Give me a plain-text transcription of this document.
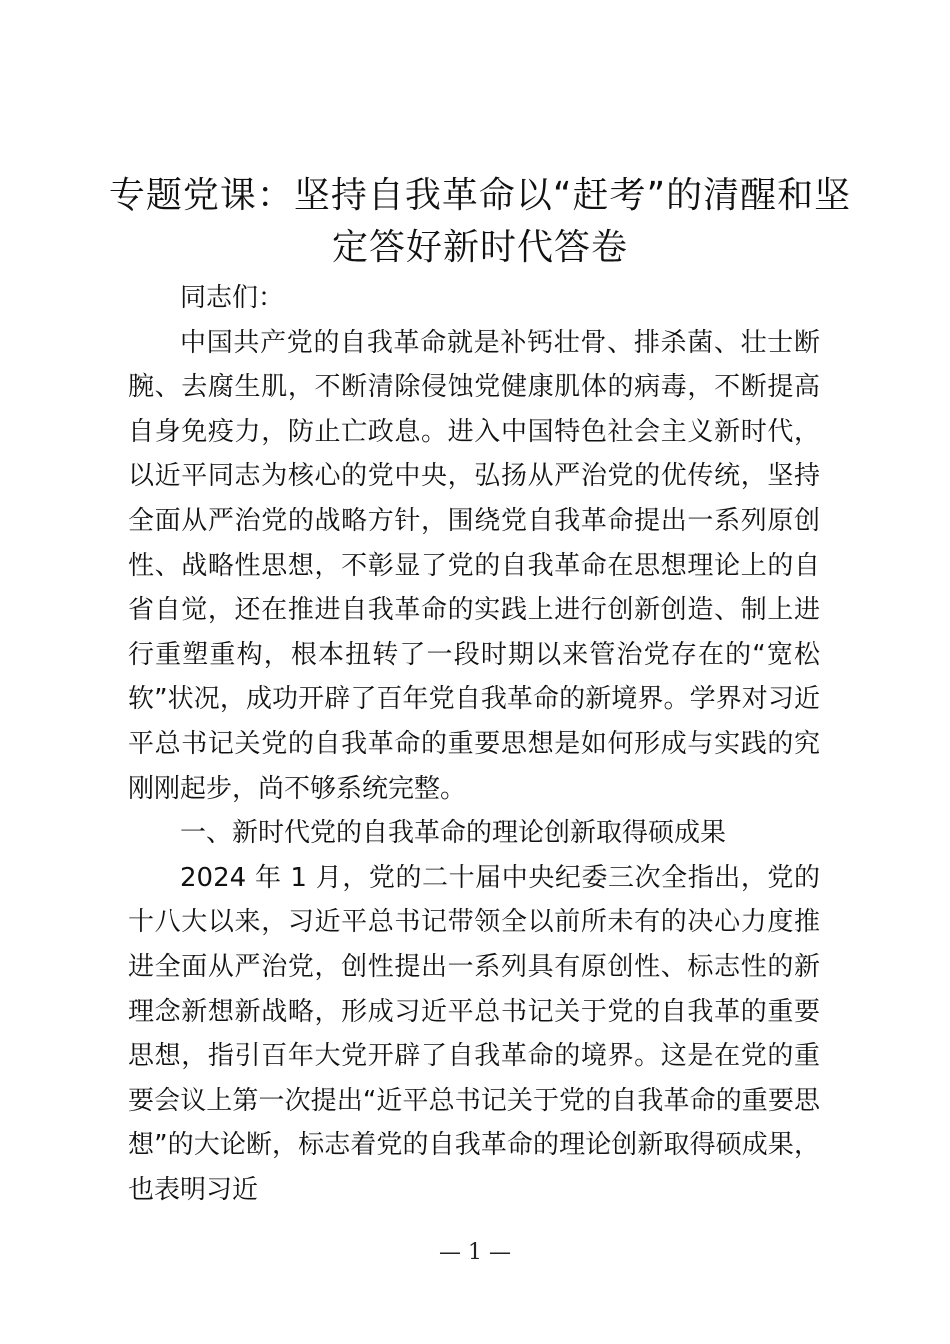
专题党课：坚持自我革命以“赶考”的清醒和坚定答好新时代答卷

同志们：

中国共产党的自我革命就是补钙壮骨、排杀菌、壮士断腕、去腐生肌，不断清除侵蚀党健康肌体的病毒，不断提高自身免疫力，防止亡政息。进入中国特色社会主义新时代，以近平同志为核心的党中央，弘扬从严治党的优传统，坚持全面从严治党的战略方针，围绕党自我革命提出一系列原创性、战略性思想，不彰显了党的自我革命在思想理论上的自省自觉，还在推进自我革命的实践上进行创新创造、制上进行重塑重构，根本扭转了一段时期以来管治党存在的“宽松软”状况，成功开辟了百年党自我革命的新境界。学界对习近平总书记关党的自我革命的重要思想是如何形成与实践的究刚刚起步，尚不够系统完整。

一、新时代党的自我革命的理论创新取得硕成果

2024 年 1 月，党的二十届中央纪委三次全指出，党的十八大以来，习近平总书记带领全以前所未有的决心力度推进全面从严治党，创性提出一系列具有原创性、标志性的新理念新想新战略，形成习近平总书记关于党的自我革的重要思想，指引百年大党开辟了自我革命的境界。这是在党的重要会议上第一次提出“近平总书记关于党的自我革命的重要思想”的大论断，标志着党的自我革命的理论创新取得硕成果，也表明习近

— 1 —
